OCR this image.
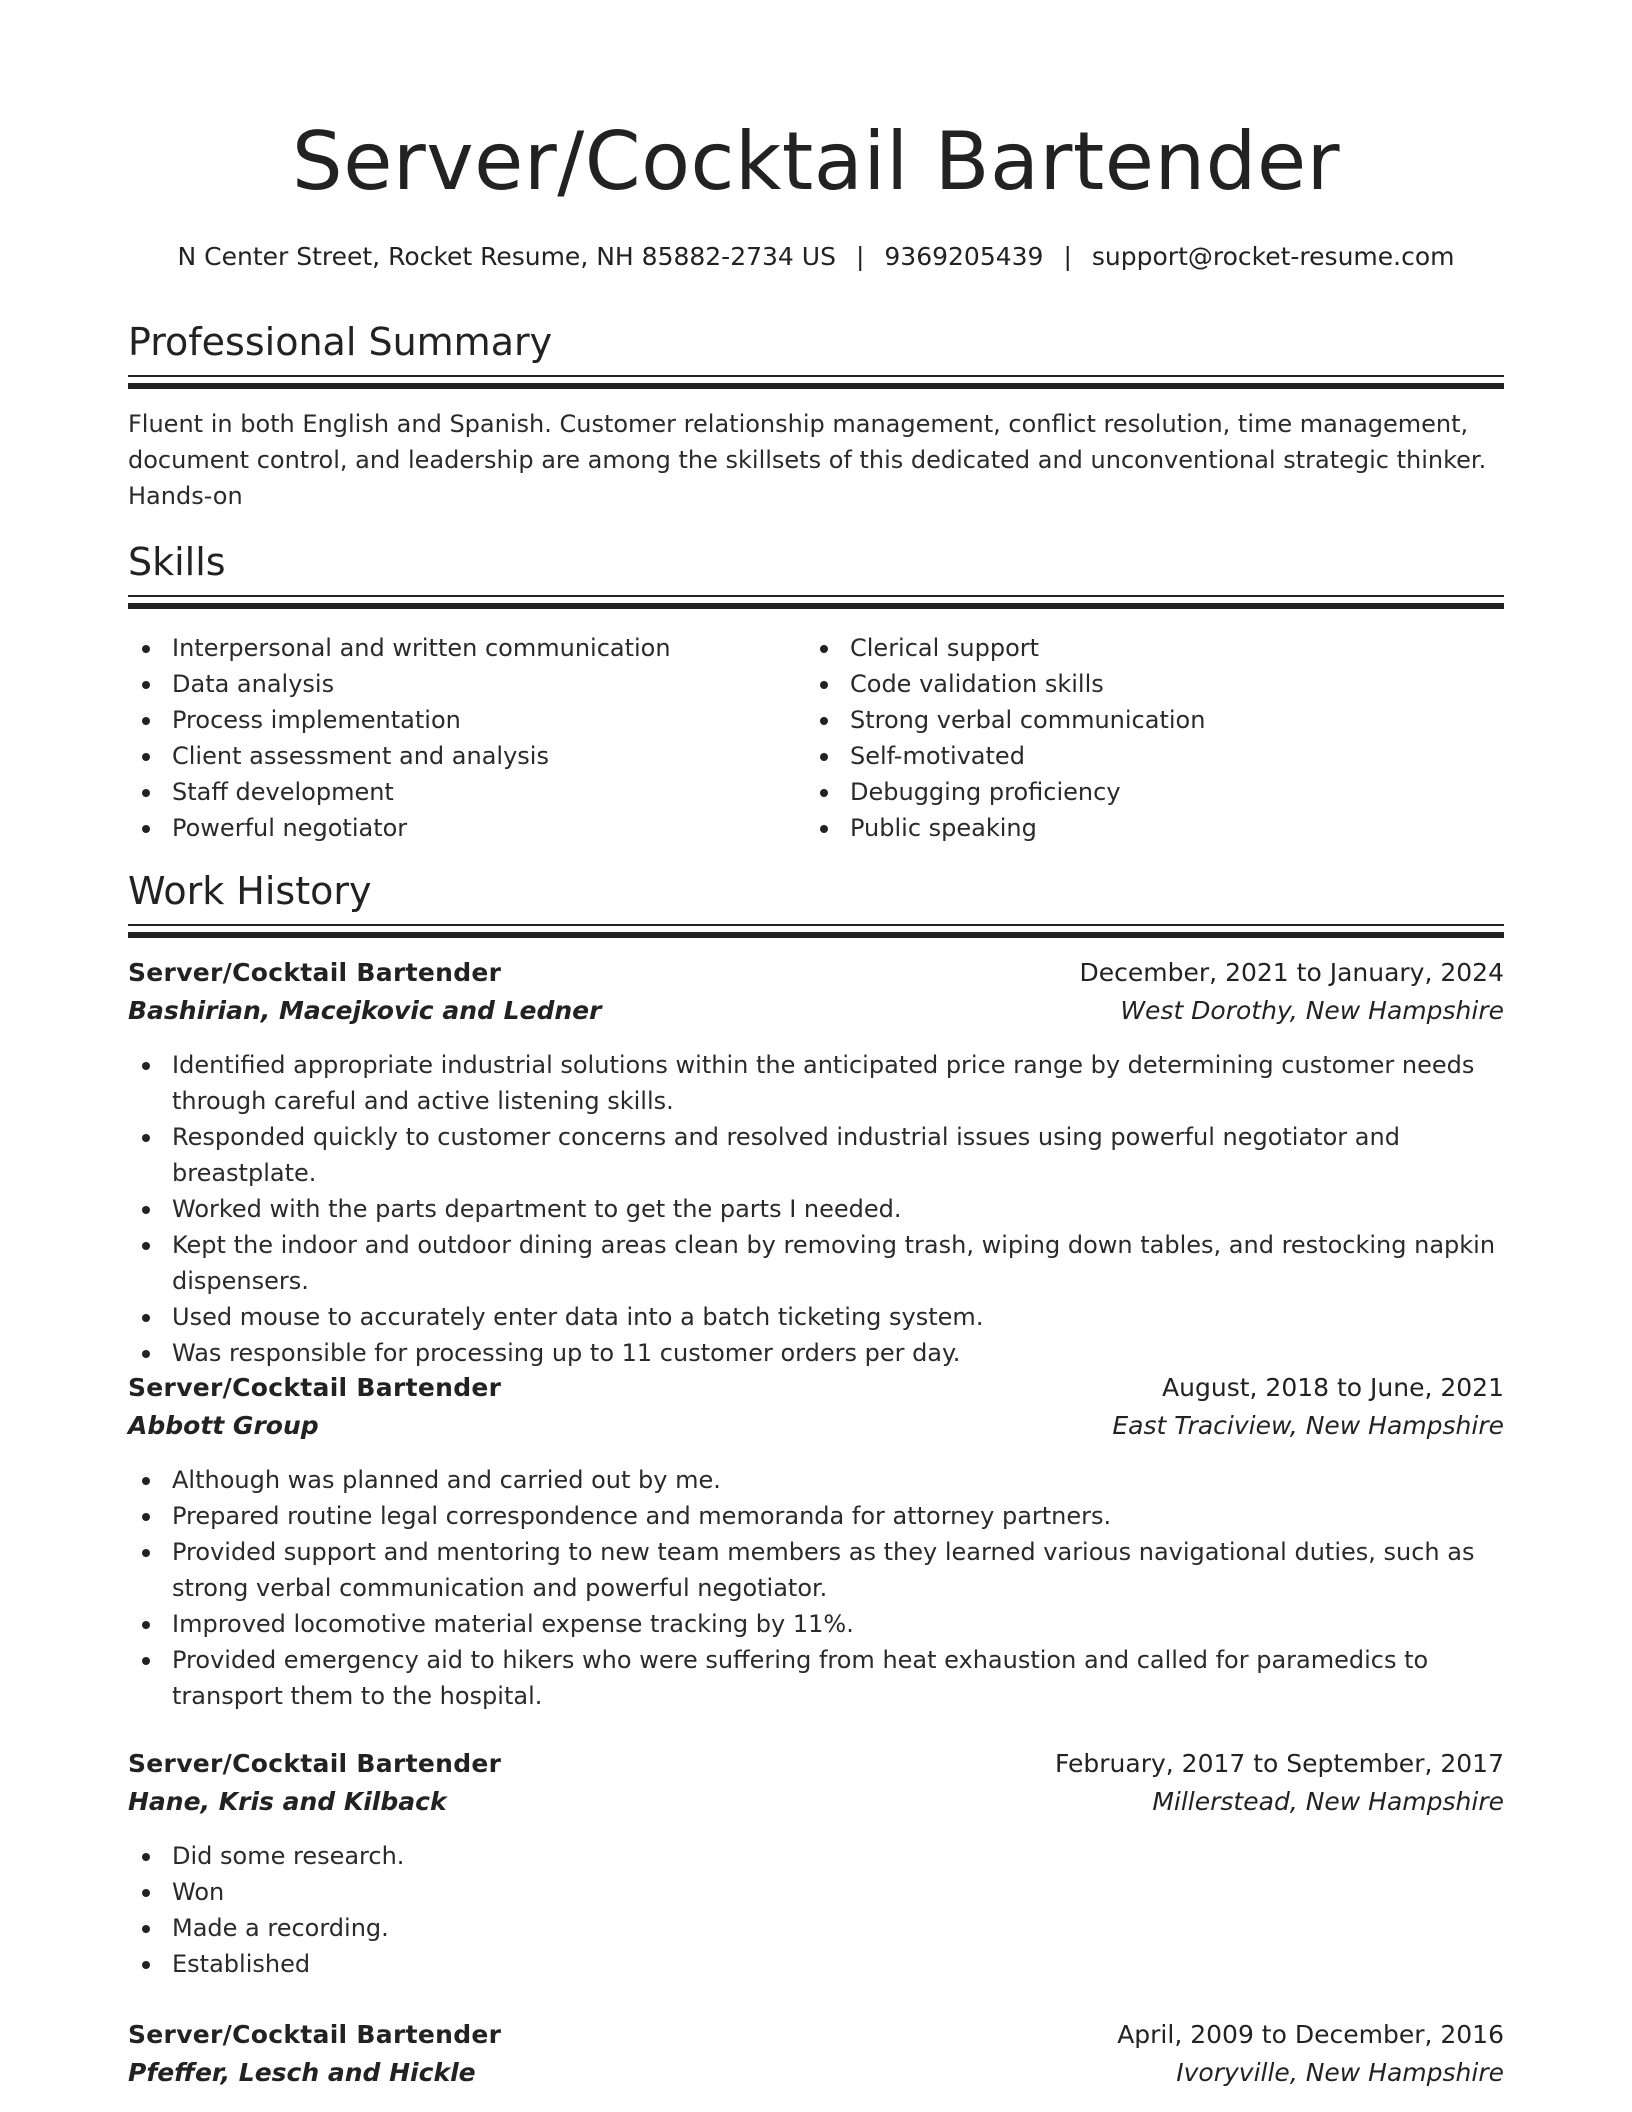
Server/Cocktail Bartender
N Center Street, Rocket Resume, NH 85882-2734 US | 9369205439 | support@rocket-resume.com
Professional Summary

Fluent in both English and Spanish. Customer relationship management, conflict resolution, time management, document control, and leadership are among the skillsets of this dedicated and unconventional strategic thinker. Hands-on

Skills
Interpersonal and written communication
Data analysis
Process implementation
Client assessment and analysis
Staff development
Powerful negotiator
Clerical support
Code validation skills
Strong verbal communication
Self-motivated
Debugging proficiency
Public speaking
Work History
Server/Cocktail Bartender	December, 2021 to January, 2024
Bashirian, Macejkovic and Ledner	West Dorothy, New Hampshire
Identified appropriate industrial solutions within the anticipated price range by determining customer needs through careful and active listening skills.
Responded quickly to customer concerns and resolved industrial issues using powerful negotiator and breastplate.
Worked with the parts department to get the parts I needed.
Kept the indoor and outdoor dining areas clean by removing trash, wiping down tables, and restocking napkin dispensers.
Used mouse to accurately enter data into a batch ticketing system.
Was responsible for processing up to 11 customer orders per day.
Server/Cocktail Bartender	August, 2018 to June, 2021
Abbott Group	East Traciview, New Hampshire
Although was planned and carried out by me.
Prepared routine legal correspondence and memoranda for attorney partners.
Provided support and mentoring to new team members as they learned various navigational duties, such as strong verbal communication and powerful negotiator.
Improved locomotive material expense tracking by 11%.
Provided emergency aid to hikers who were suffering from heat exhaustion and called for paramedics to transport them to the hospital.
Server/Cocktail Bartender	February, 2017 to September, 2017
Hane, Kris and Kilback	Millerstead, New Hampshire
Did some research.
Won
Made a recording.
Established
Server/Cocktail Bartender	April, 2009 to December, 2016
Pfeffer, Lesch and Hickle	Ivoryville, New Hampshire
